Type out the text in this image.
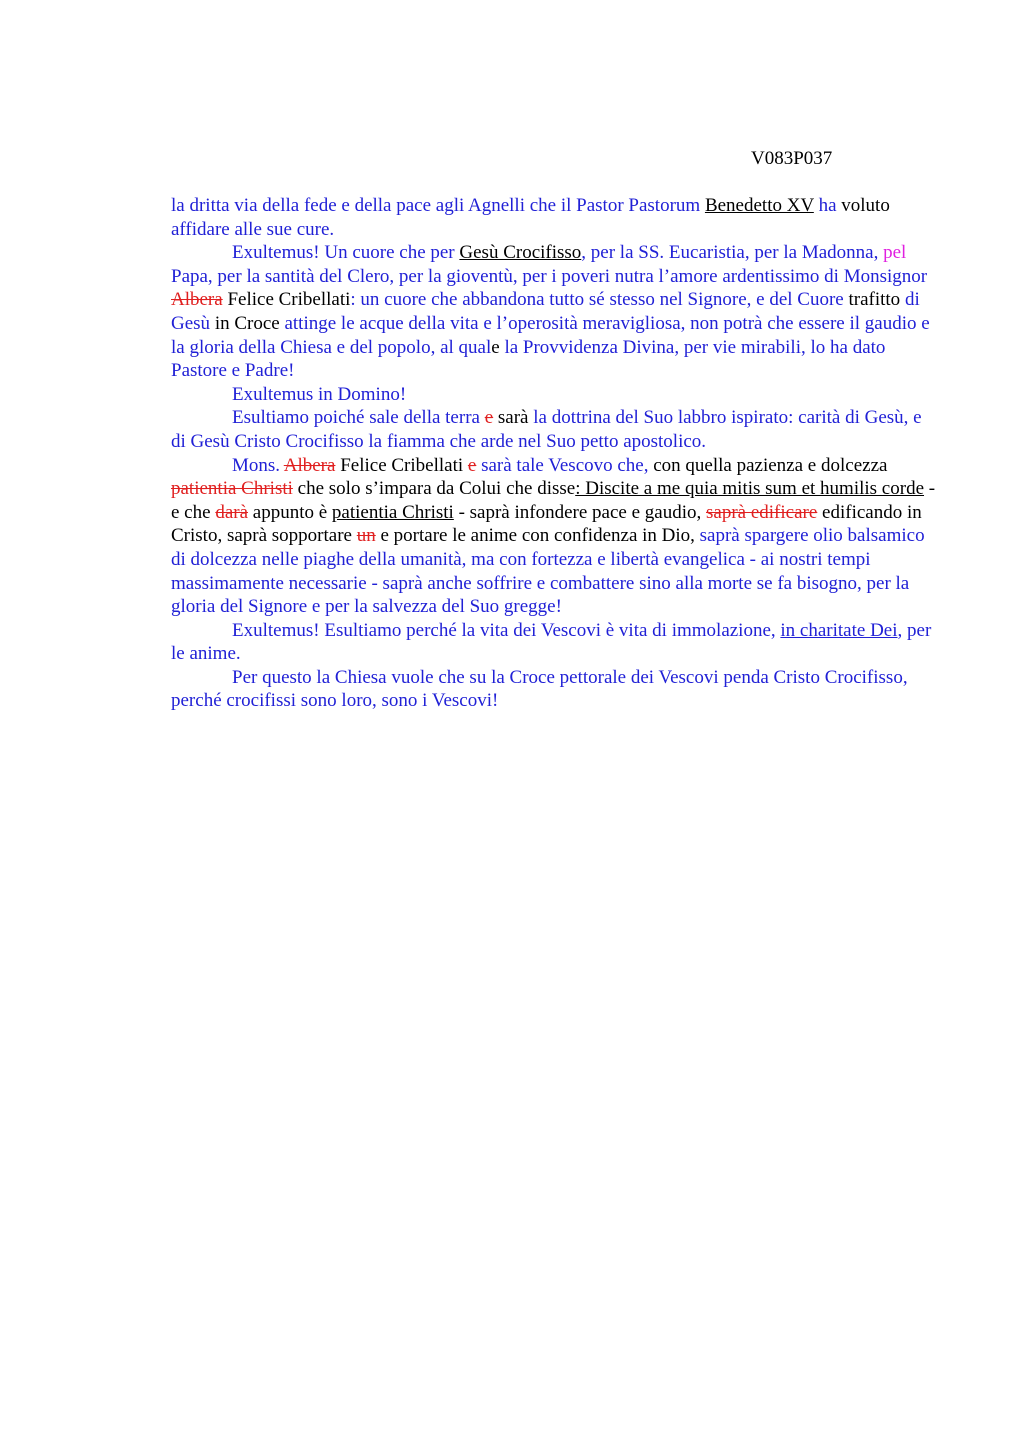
V083P037

la dritta via della fede e della pace agli Agnelli che il Pastor Pastorum Benedetto XV ha voluto affidare alle sue cure.

Exultemus! Un cuore che per Gesù Crocifisso, per la SS. Eucaristia, per la Madonna, pel Papa, per la santità del Clero, per la gioventù, per i poveri nutra l’amore ardentissimo di Monsignor Albera Felice Cribellati: un cuore che abbandona tutto sé stesso nel Signore, e del Cuore trafitto di Gesù in Croce attinge le acque della vita e l’operosità meravigliosa, non potrà che essere il gaudio e la gloria della Chiesa e del popolo, al quale la Provvidenza Divina, per vie mirabili, lo ha dato Pastore e Padre!

Exultemus in Domino!

Esultiamo poiché sale della terra e sarà la dottrina del Suo labbro ispirato: carità di Gesù, e di Gesù Cristo Crocifisso la fiamma che arde nel Suo petto apostolico.

Mons. Albera Felice Cribellati e sarà tale Vescovo che, con quella pazienza e dolcezza patientia Christi che solo s’impara da Colui che disse: Discite a me quia mitis sum et humilis corde - e che darà appunto è patientia Christi - saprà infondere pace e gaudio, saprà edificare edificando in Cristo, saprà sopportare un e portare le anime con confidenza in Dio, saprà spargere olio balsamico di dolcezza nelle piaghe della umanità, ma con fortezza e libertà evangelica - ai nostri tempi massimamente necessarie - saprà anche soffrire e combattere sino alla morte se fa bisogno, per la gloria del Signore e per la salvezza del Suo gregge!

Exultemus! Esultiamo perché la vita dei Vescovi è vita di immolazione, in charitate Dei, per le anime.

Per questo la Chiesa vuole che su la Croce pettorale dei Vescovi penda Cristo Crocifisso, perché crocifissi sono loro, sono i Vescovi!
